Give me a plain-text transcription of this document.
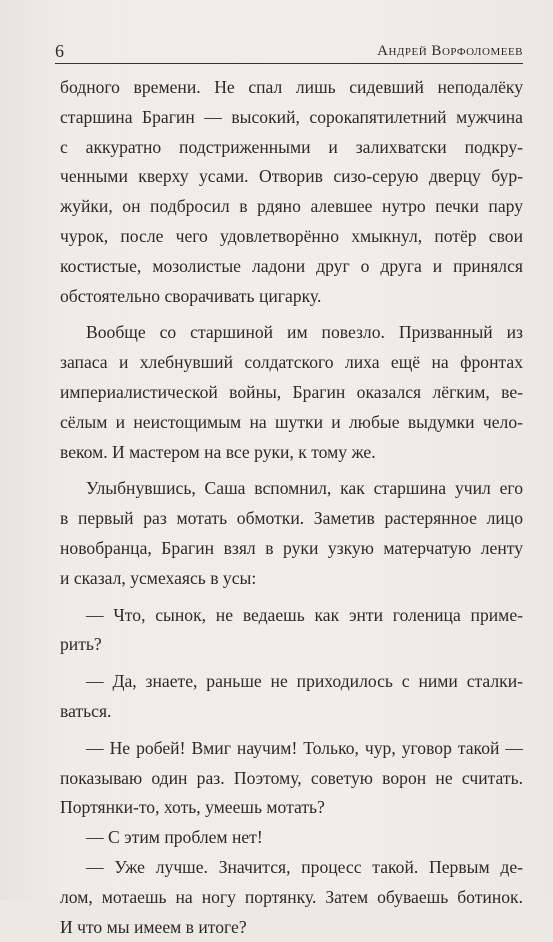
6	Андрей Ворфоломеев
бодного времени. Не спал лишь сидевший неподалёку
старшина Брагин — высокий, сорокапятилетний мужчина
с аккуратно подстриженными и залихватски подкру-
ченными кверху усами. Отворив сизо-серую дверцу бур-
жуйки, он подбросил в рдяно алевшее нутро печки пару
чурок, после чего удовлетворённо хмыкнул, потёр свои
костистые, мозолистые ладони друг о друга и принялся
обстоятельно сворачивать цигарку.
Вообще со старшиной им повезло. Призванный из
запаса и хлебнувший солдатского лиха ещё на фронтах
империалистической войны, Брагин оказался лёгким, ве-
сёлым и неистощимым на шутки и любые выдумки чело-
веком. И мастером на все руки, к тому же.
Улыбнувшись, Саша вспомнил, как старшина учил его
в первый раз мотать обмотки. Заметив растерянное лицо
новобранца, Брагин взял в руки узкую матерчатую ленту
и сказал, усмехаясь в усы:
— Что, сынок, не ведаешь как энти голеница приме-
рить?
— Да, знаете, раньше не приходилось с ними сталки-
ваться.
— Не робей! Вмиг научим! Только, чур, уговор такой —
показываю один раз. Поэтому, советую ворон не считать.
Портянки-то, хоть, умеешь мотать?
— С этим проблем нет!
— Уже лучше. Значится, процесс такой. Первым де-
лом, мотаешь на ногу портянку. Затем обуваешь ботинок.
И что мы имеем в итоге?
